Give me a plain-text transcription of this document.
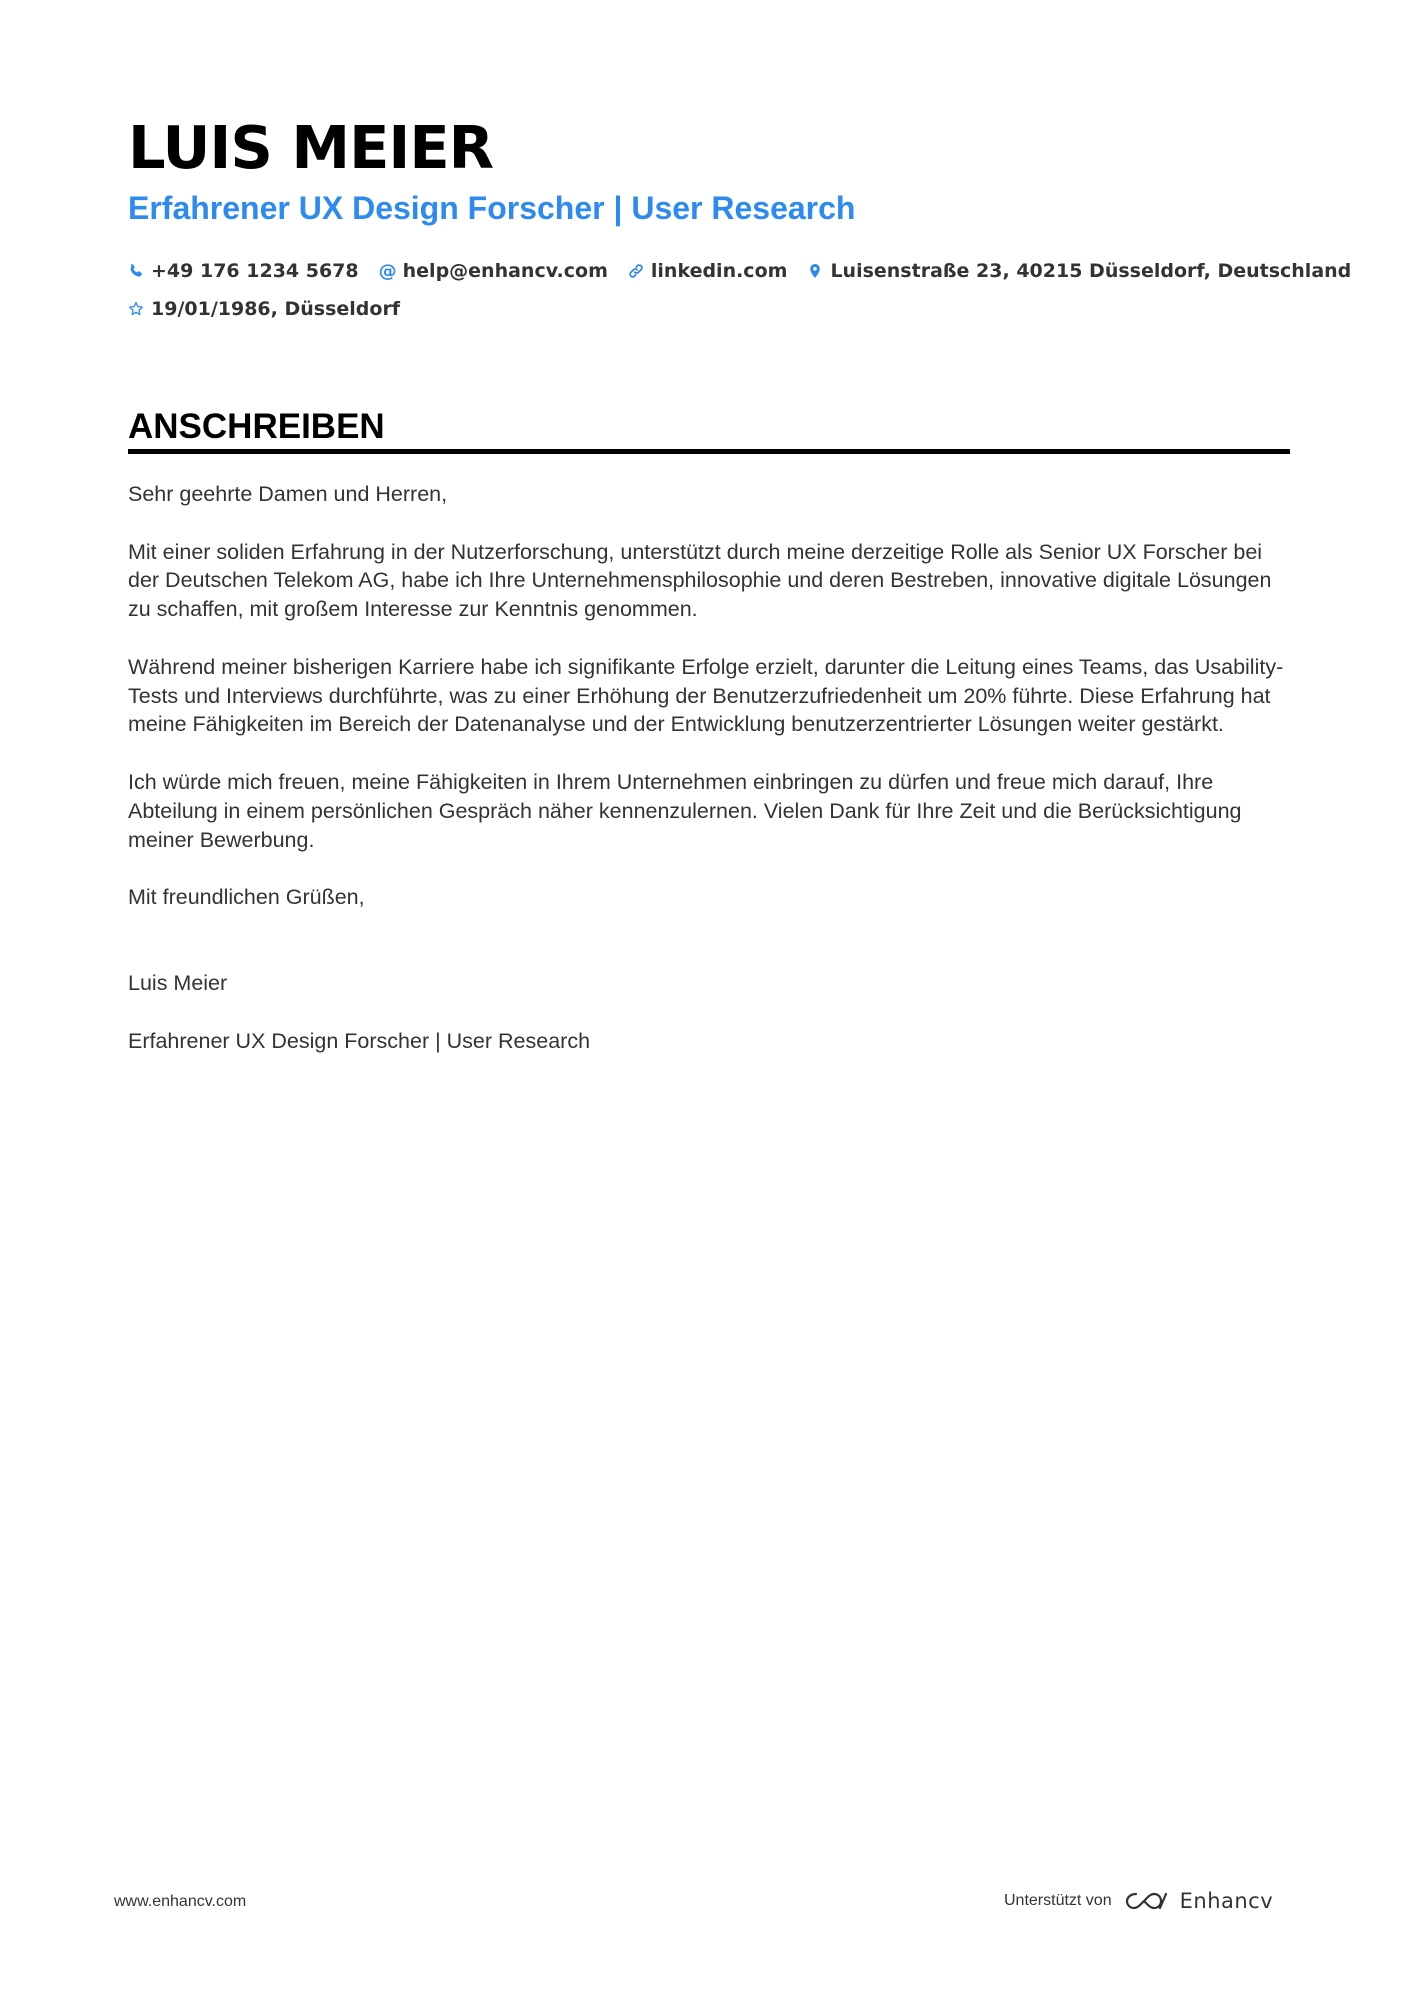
LUIS MEIER
Erfahrener UX Design Forscher | User Research
+49 176 1234 5678 @ help@enhancv.com linkedin.com Luisenstraße 23, 40215 Düsseldorf, Deutschland
19/01/1986, Düsseldorf
ANSCHREIBEN

Sehr geehrte Damen und Herren,

Mit einer soliden Erfahrung in der Nutzerforschung, unterstützt durch meine derzeitige Rolle als Senior UX Forscher bei der Deutschen Telekom AG, habe ich Ihre Unternehmensphilosophie und deren Bestreben, innovative digitale Lösungen zu schaffen, mit großem Interesse zur Kenntnis genommen.

Während meiner bisherigen Karriere habe ich signifikante Erfolge erzielt, darunter die Leitung eines Teams, das Usability-Tests und Interviews durchführte, was zu einer Erhöhung der Benutzerzufriedenheit um 20% führte. Diese Erfahrung hat meine Fähigkeiten im Bereich der Datenanalyse und der Entwicklung benutzerzentrierter Lösungen weiter gestärkt.

Ich würde mich freuen, meine Fähigkeiten in Ihrem Unternehmen einbringen zu dürfen und freue mich darauf, Ihre Abteilung in einem persönlichen Gespräch näher kennenzulernen. Vielen Dank für Ihre Zeit und die Berücksichtigung meiner Bewerbung.

Mit freundlichen Grüßen,

Luis Meier

Erfahrener UX Design Forscher | User Research

www.enhancv.com	Unterstützt von	Enhancv
